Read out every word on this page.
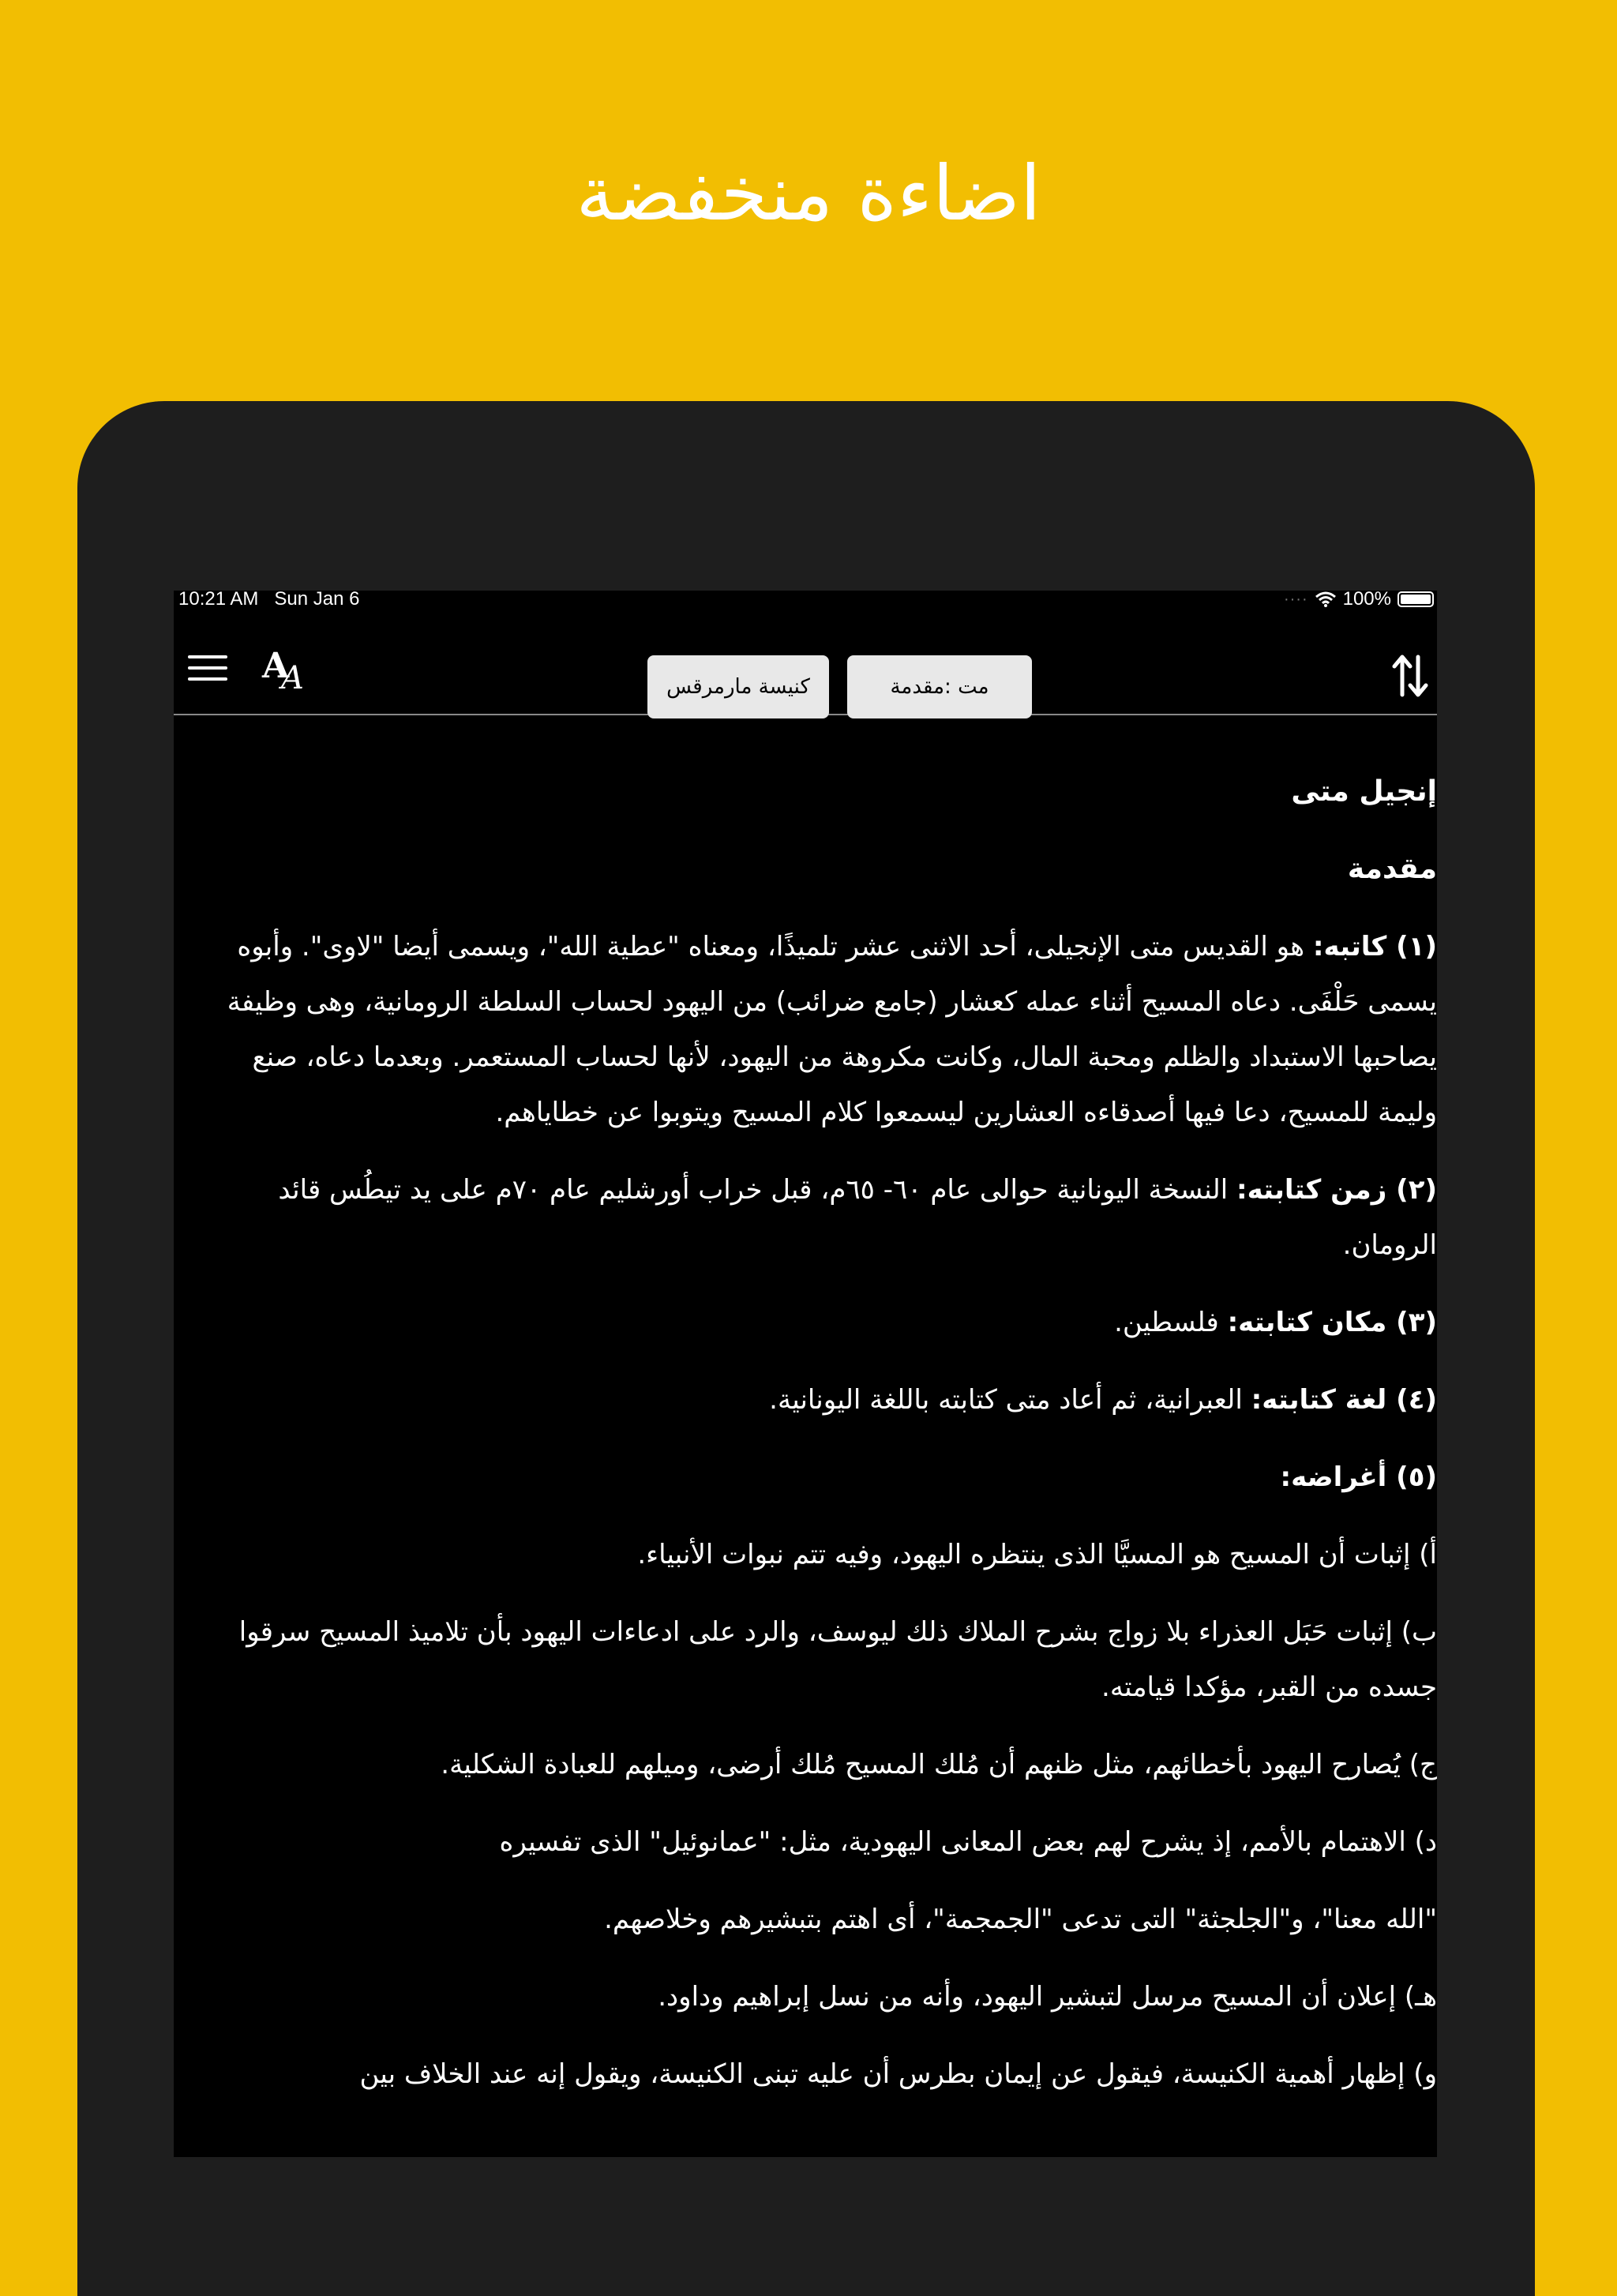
اضاءة منخفضة
10:21 AM Sun Jan 6	···· 100%
A
A	كنيسة مارمرقس	مت :مقدمة

إنجيل متى

مقدمة

(١) كاتبه: هو القديس متى الإنجيلى، أحد الاثنى عشر تلميذًا، ومعناه "عطية الله"، ويسمى أيضا "لاوى". وأبوه يسمى حَلْفَى. دعاه المسيح أثناء عمله كعشار (جامع ضرائب) من اليهود لحساب السلطة الرومانية، وهى وظيفة يصاحبها الاستبداد والظلم ومحبة المال، وكانت مكروهة من اليهود، لأنها لحساب المستعمر. وبعدما دعاه، صنع وليمة للمسيح، دعا فيها أصدقاءه العشارين ليسمعوا كلام المسيح ويتوبوا عن خطاياهم.

(٢) زمن كتابته: النسخة اليونانية حوالى عام ٦٠- ٦٥م، قبل خراب أورشليم عام ٧٠م على يد تيطُس قائد الرومان.

(٣) مكان كتابته: فلسطين.

(٤) لغة كتابته: العبرانية، ثم أعاد متى كتابته باللغة اليونانية.

(٥) أغراضه:

أ) إثبات أن المسيح هو المسيَّا الذى ينتظره اليهود، وفيه تتم نبوات الأنبياء.

ب) إثبات حَبَل العذراء بلا زواج بشرح الملاك ذلك ليوسف، والرد على ادعاءات اليهود بأن تلاميذ المسيح سرقوا جسده من القبر، مؤكدا قيامته.

ج) يُصارح اليهود بأخطائهم، مثل ظنهم أن مُلك المسيح مُلك أرضى، وميلهم للعبادة الشكلية.

د) الاهتمام بالأمم، إذ يشرح لهم بعض المعانى اليهودية، مثل: "عمانوئيل" الذى تفسيره

"الله معنا"، و"الجلجثة" التى تدعى "الجمجمة"، أى اهتم بتبشيرهم وخلاصهم.

هـ) إعلان أن المسيح مرسل لتبشير اليهود، وأنه من نسل إبراهيم وداود.

و) إظهار أهمية الكنيسة، فيقول عن إيمان بطرس أن عليه تبنى الكنيسة، ويقول إنه عند الخلاف بين
